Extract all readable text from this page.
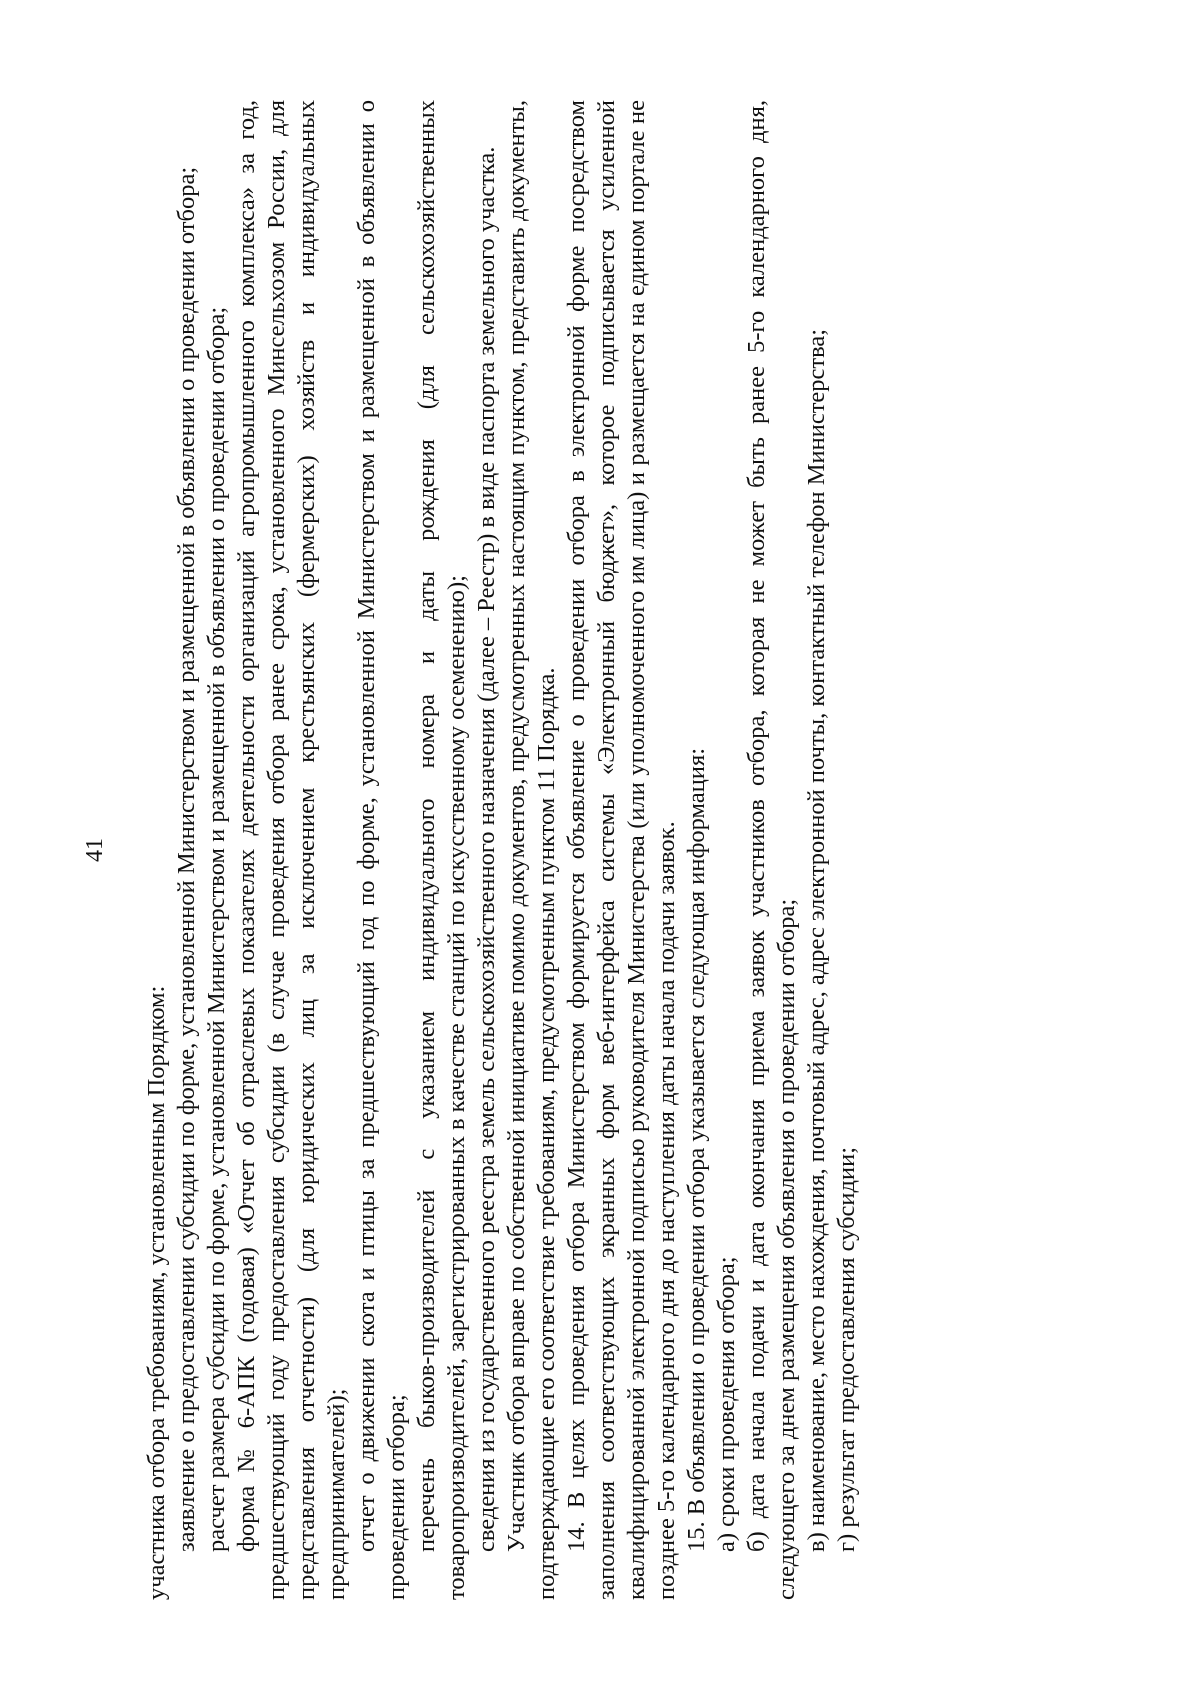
41

участника отбора требованиям, установленным Порядком: заявление о предоставлении субсидии по форме, установленной Министерством и размещенной в объявлении о проведении отбора; расчет размера субсидии по форме, установленной Министерством и размещенной в объявлении о проведении отбора; форма № 6-АПК (годовая) «Отчет об отраслевых показателях деятельности организаций агропромышленного комплекса» за год, предшествующий году предоставления субсидии (в случае проведения отбора ранее срока, установленного Минсельхозом России, для представления отчетности) (для юридических лиц за исключением крестьянских (фермерских) хозяйств и индивидуальных предпринимателей); отчет о движении скота и птицы за предшествующий год по форме, установленной Министерством и размещенной в объявлении о проведении отбора; перечень быков-производителей с указанием индивидуального номера и даты рождения (для сельскохозяйственных товаропроизводителей, зарегистрированных в качестве станций по искусственному осеменению); сведения из государственного реестра земель сельскохозяйственного назначения (далее – Реестр) в виде паспорта земельного участка. Участник отбора вправе по собственной инициативе помимо документов, предусмотренных настоящим пунктом, представить документы, подтверждающие его соответствие требованиям, предусмотренным пунктом 11 Порядка. 14. В целях проведения отбора Министерством формируется объявление о проведении отбора в электронной форме посредством заполнения соответствующих экранных форм веб-интерфейса системы «Электронный бюджет», которое подписывается усиленной квалифицированной электронной подписью руководителя Министерства (или уполномоченного им лица) и размещается на едином портале не позднее 5-го календарного дня до наступления даты начала подачи заявок. 15. В объявлении о проведении отбора указывается следующая информация: а) сроки проведения отбора; б) дата начала подачи и дата окончания приема заявок участников отбора, которая не может быть ранее 5-го календарного дня, следующего за днем размещения объявления о проведении отбора; в) наименование, место нахождения, почтовый адрес, адрес электронной почты, контактный телефон Министерства; г) результат предоставления субсидии;
